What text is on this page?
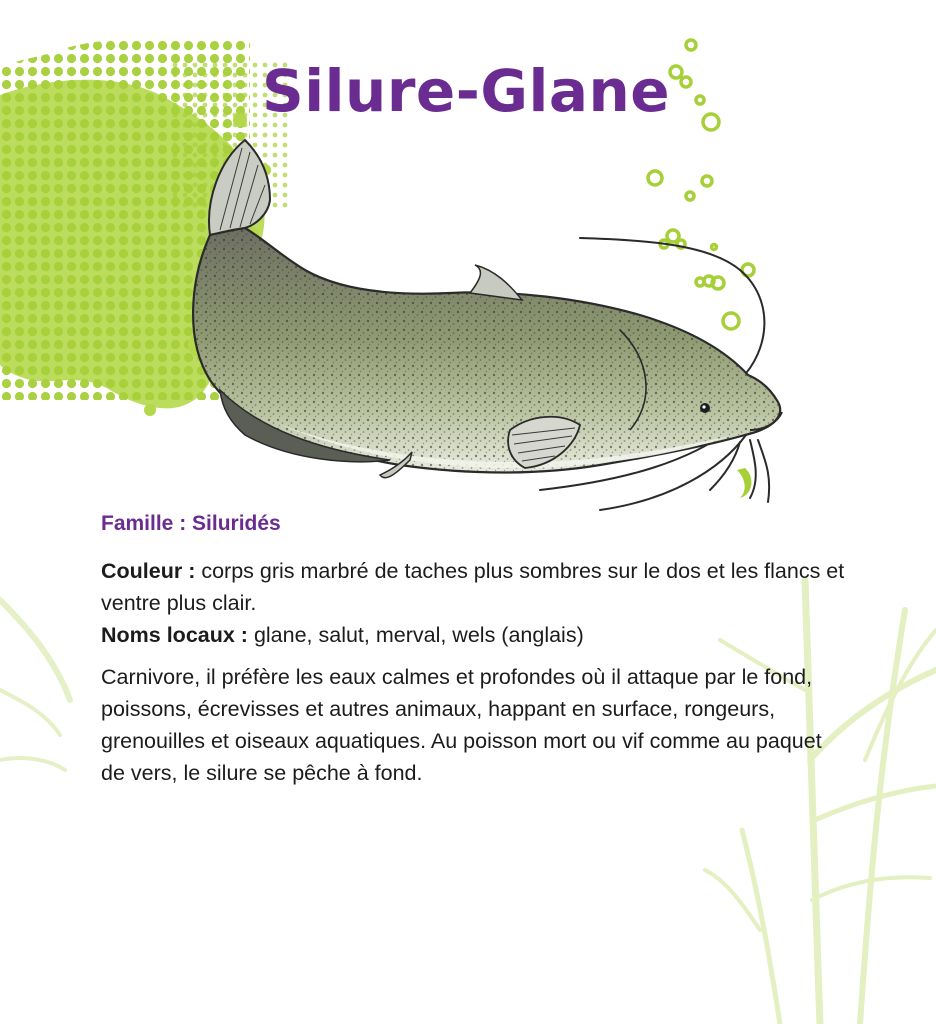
Silure-Glane

Famille : Siluridés

Couleur : corps gris marbré de taches plus sombres sur le dos et les flancs et ventre plus clair.

Noms locaux : glane, salut, merval, wels (anglais)

Carnivore, il préfère les eaux calmes et profondes où il attaque par le fond, poissons, écrevisses et autres animaux, happant en surface, rongeurs, grenouilles et oiseaux aquatiques. Au poisson mort ou vif comme au paquet de vers, le silure se pêche à fond.
